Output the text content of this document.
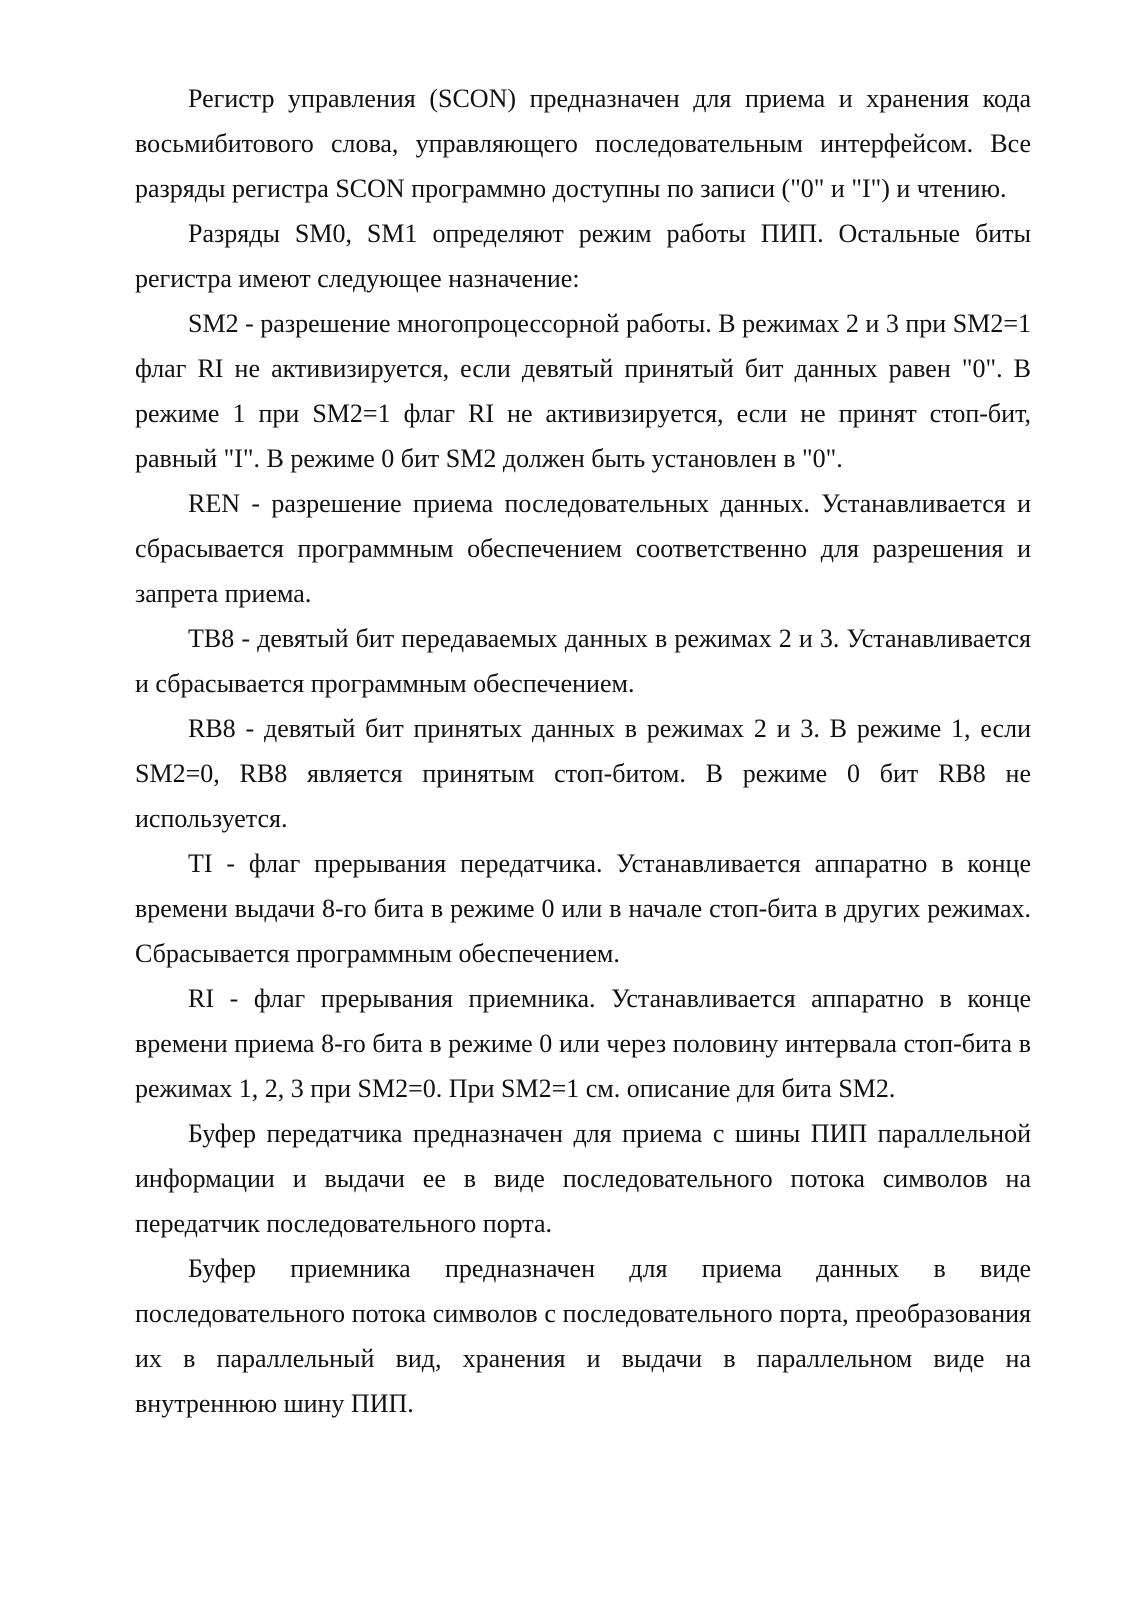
Регистр управления (SCON) предназначен для приема и хранения кода восьмибитового слова, управляющего последовательным интерфейсом. Все разряды регистра SCON программно доступны по записи ("0" и "I") и чтению.

Разряды SM0, SM1 определяют режим работы ПИП. Остальные биты регистра имеют следующее назначение:

SM2 - разрешение многопроцессорной работы. В режимах 2 и 3 при SM2=1 флаг RI не активизируется, если девятый принятый бит данных равен "0". В режиме 1 при SM2=1 флаг RI не активизируется, если не принят стоп-бит, равный "I". В режиме 0 бит SM2 должен быть установлен в "0".

REN - разрешение приема последовательных данных. Устанавливается и сбрасывается программным обеспечением соответственно для разрешения и запрета приема.

TB8 - девятый бит передаваемых данных в режимах 2 и 3. Устанавливается и сбрасывается программным обеспечением.

RB8 - девятый бит принятых данных в режимах 2 и 3. В режиме 1, если SM2=0, RB8 является принятым стоп-битом. В режиме 0 бит RB8 не используется.

TI - флаг прерывания передатчика. Устанавливается аппаратно в конце времени выдачи 8-го бита в режиме 0 или в начале стоп-бита в других режимах. Сбрасывается программным обеспечением.

RI - флаг прерывания приемника. Устанавливается аппаратно в конце времени приема 8-го бита в режиме 0 или через половину интервала стоп-бита в режимах 1, 2, 3 при SM2=0. При SM2=1 см. описание для бита SM2.

Буфер передатчика предназначен для приема с шины ПИП параллельной информации и выдачи ее в виде последовательного потока символов на передатчик последовательного порта.

Буфер приемника предназначен для приема данных в виде последовательного потока символов с последовательного порта, преобразования их в параллельный вид, хранения и выдачи в параллельном виде на внутреннюю шину ПИП.
